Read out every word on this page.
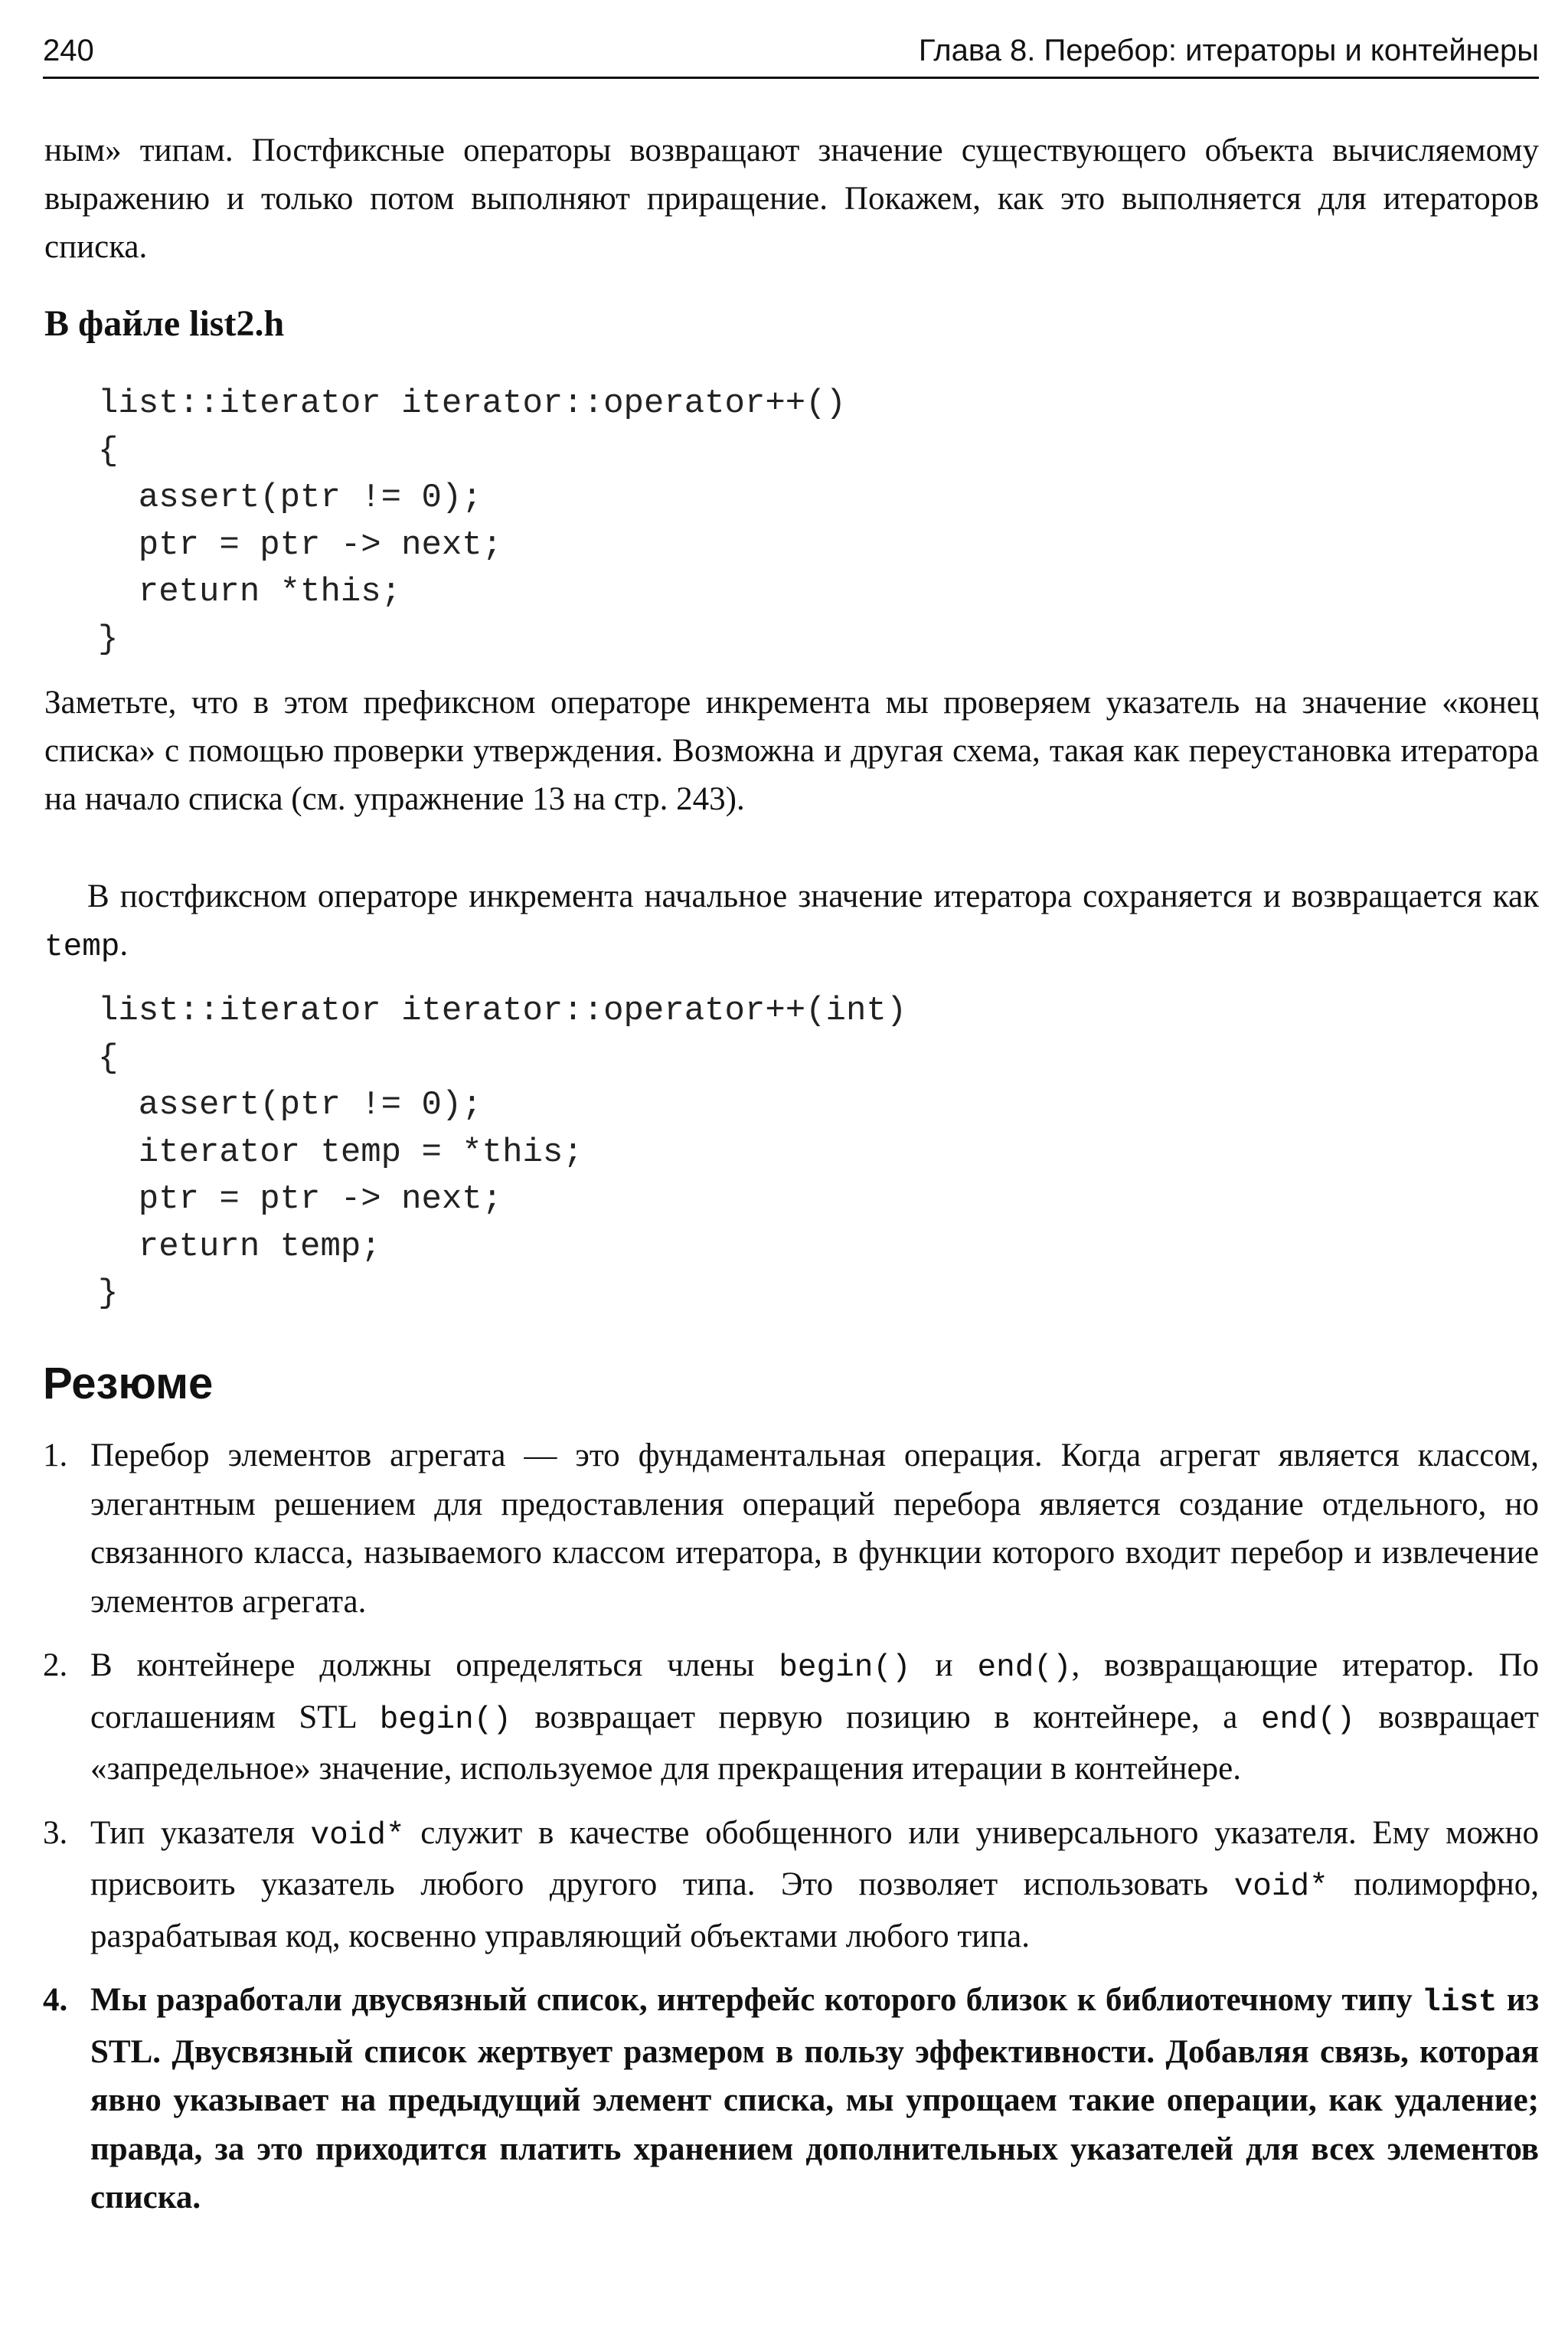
240	Глава 8. Перебор: итераторы и контейнеры

ным» типам. Постфиксные операторы возвращают значение существующего объекта вычисляемому выражению и только потом выполняют приращение. Покажем, как это выполняется для итераторов списка.

В файле list2.h

list::iterator iterator::operator++()
{
assert(ptr != 0);
ptr = ptr -> next;
return *this;
}

Заметьте, что в этом префиксном операторе инкремента мы проверяем указатель на значение «конец списка» с помощью проверки утверждения. Возможна и другая схема, такая как переустановка итератора на начало списка (см. упражнение 13 на стр. 243).

В постфиксном операторе инкремента начальное значение итератора сохраняется и возвращается как temp.

list::iterator iterator::operator++(int)
{
assert(ptr != 0);
iterator temp = *this;
ptr = ptr -> next;
return temp;
}
Резюме
1. Перебор элементов агрегата — это фундаментальная операция. Когда агрегат является классом, элегантным решением для предоставления операций перебора является создание отдельного, но связанного класса, называемого классом итератора, в функции которого входит перебор и извлечение элементов агрегата.
2. В контейнере должны определяться члены begin() и end(), возвращающие итератор. По соглашениям STL begin() возвращает первую позицию в контейнере, а end() возвращает «запредельное» значение, используемое для прекращения итерации в контейнере.
3. Тип указателя void* служит в качестве обобщенного или универсального указателя. Ему можно присвоить указатель любого другого типа. Это позволяет использовать void* полиморфно, разрабатывая код, косвенно управляющий объектами любого типа.
4. Мы разработали двусвязный список, интерфейс которого близок к библиотечному типу list из STL. Двусвязный список жертвует размером в пользу эффективности. Добавляя связь, которая явно указывает на предыдущий элемент списка, мы упрощаем такие операции, как удаление; правда, за это приходится платить хранением дополнительных указателей для всех элементов списка.
